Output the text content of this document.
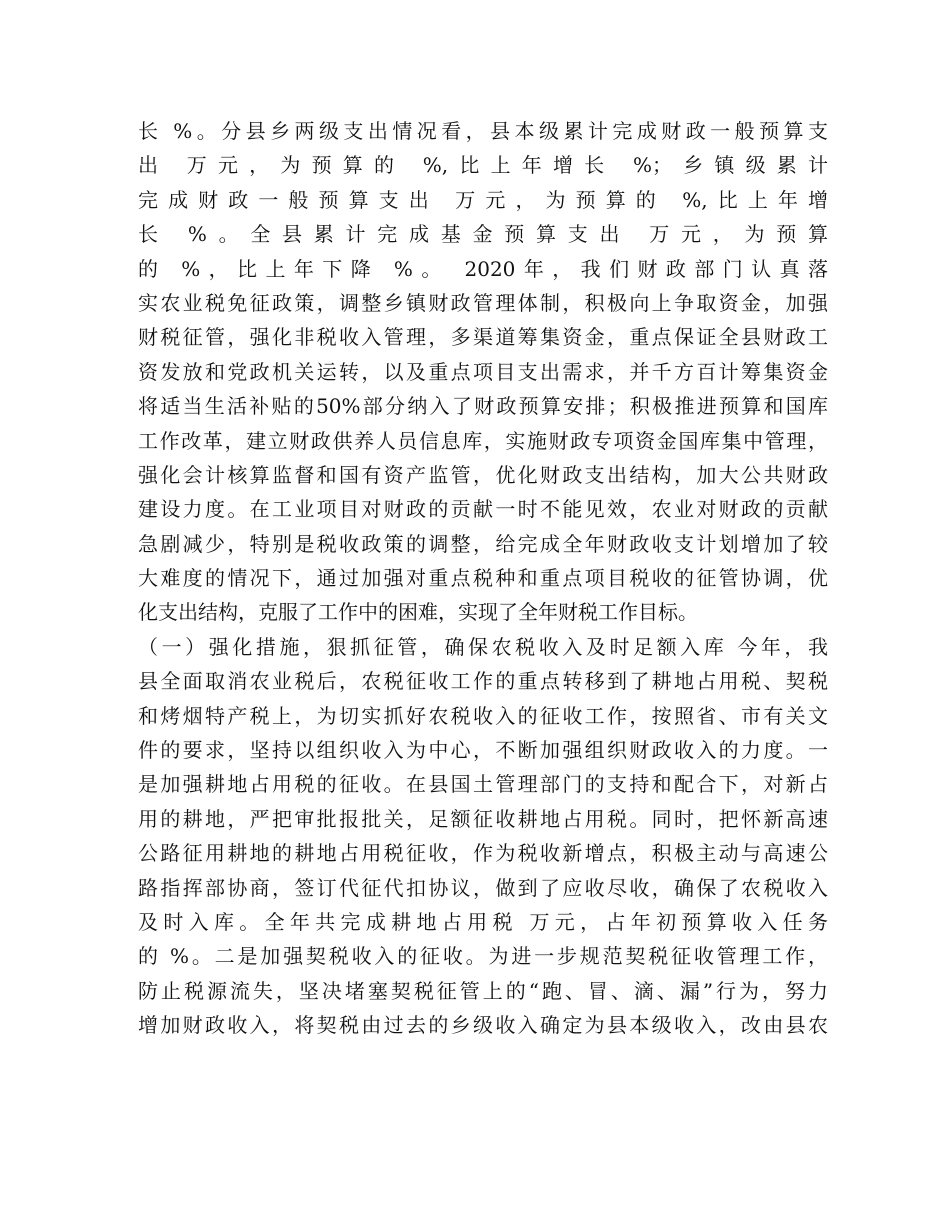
长 %。分县乡两级支出情况看，县本级累计完成财政一般预算支
出 万元，为预算的 %,比上年增长 %；乡镇级累计
完成财政一般预算支出 万元，为预算的 %,比上年增
长 %。全县累计完成基金预算支出 万元，为预算
的 %，比上年下降 %。 2020年，我们财政部门认真落
实农业税免征政策，调整乡镇财政管理体制，积极向上争取资金，加强
财税征管，强化非税收入管理，多渠道筹集资金，重点保证全县财政工
资发放和党政机关运转，以及重点项目支出需求，并千方百计筹集资金
将适当生活补贴的50%部分纳入了财政预算安排；积极推进预算和国库
工作改革，建立财政供养人员信息库，实施财政专项资金国库集中管理，
强化会计核算监督和国有资产监管，优化财政支出结构，加大公共财政
建设力度。在工业项目对财政的贡献一时不能见效，农业对财政的贡献
急剧减少，特别是税收政策的调整，给完成全年财政收支计划增加了较
大难度的情况下，通过加强对重点税种和重点项目税收的征管协调，优
化支出结构，克服了工作中的困难，实现了全年财税工作目标。
（一）强化措施，狠抓征管，确保农税收入及时足额入库 今年，我
县全面取消农业税后，农税征收工作的重点转移到了耕地占用税、契税
和烤烟特产税上，为切实抓好农税收入的征收工作，按照省、市有关文
件的要求，坚持以组织收入为中心，不断加强组织财政收入的力度。一
是加强耕地占用税的征收。在县国土管理部门的支持和配合下，对新占
用的耕地，严把审批报批关，足额征收耕地占用税。同时，把怀新高速
公路征用耕地的耕地占用税征收，作为税收新增点，积极主动与高速公
路指挥部协商，签订代征代扣协议，做到了应收尽收，确保了农税收入
及时入库。全年共完成耕地占用税 万元，占年初预算收入任务
的 %。二是加强契税收入的征收。为进一步规范契税征收管理工作，
防止税源流失，坚决堵塞契税征管上的“跑、冒、滴、漏”行为，努力
增加财政收入，将契税由过去的乡级收入确定为县本级收入，改由县农
